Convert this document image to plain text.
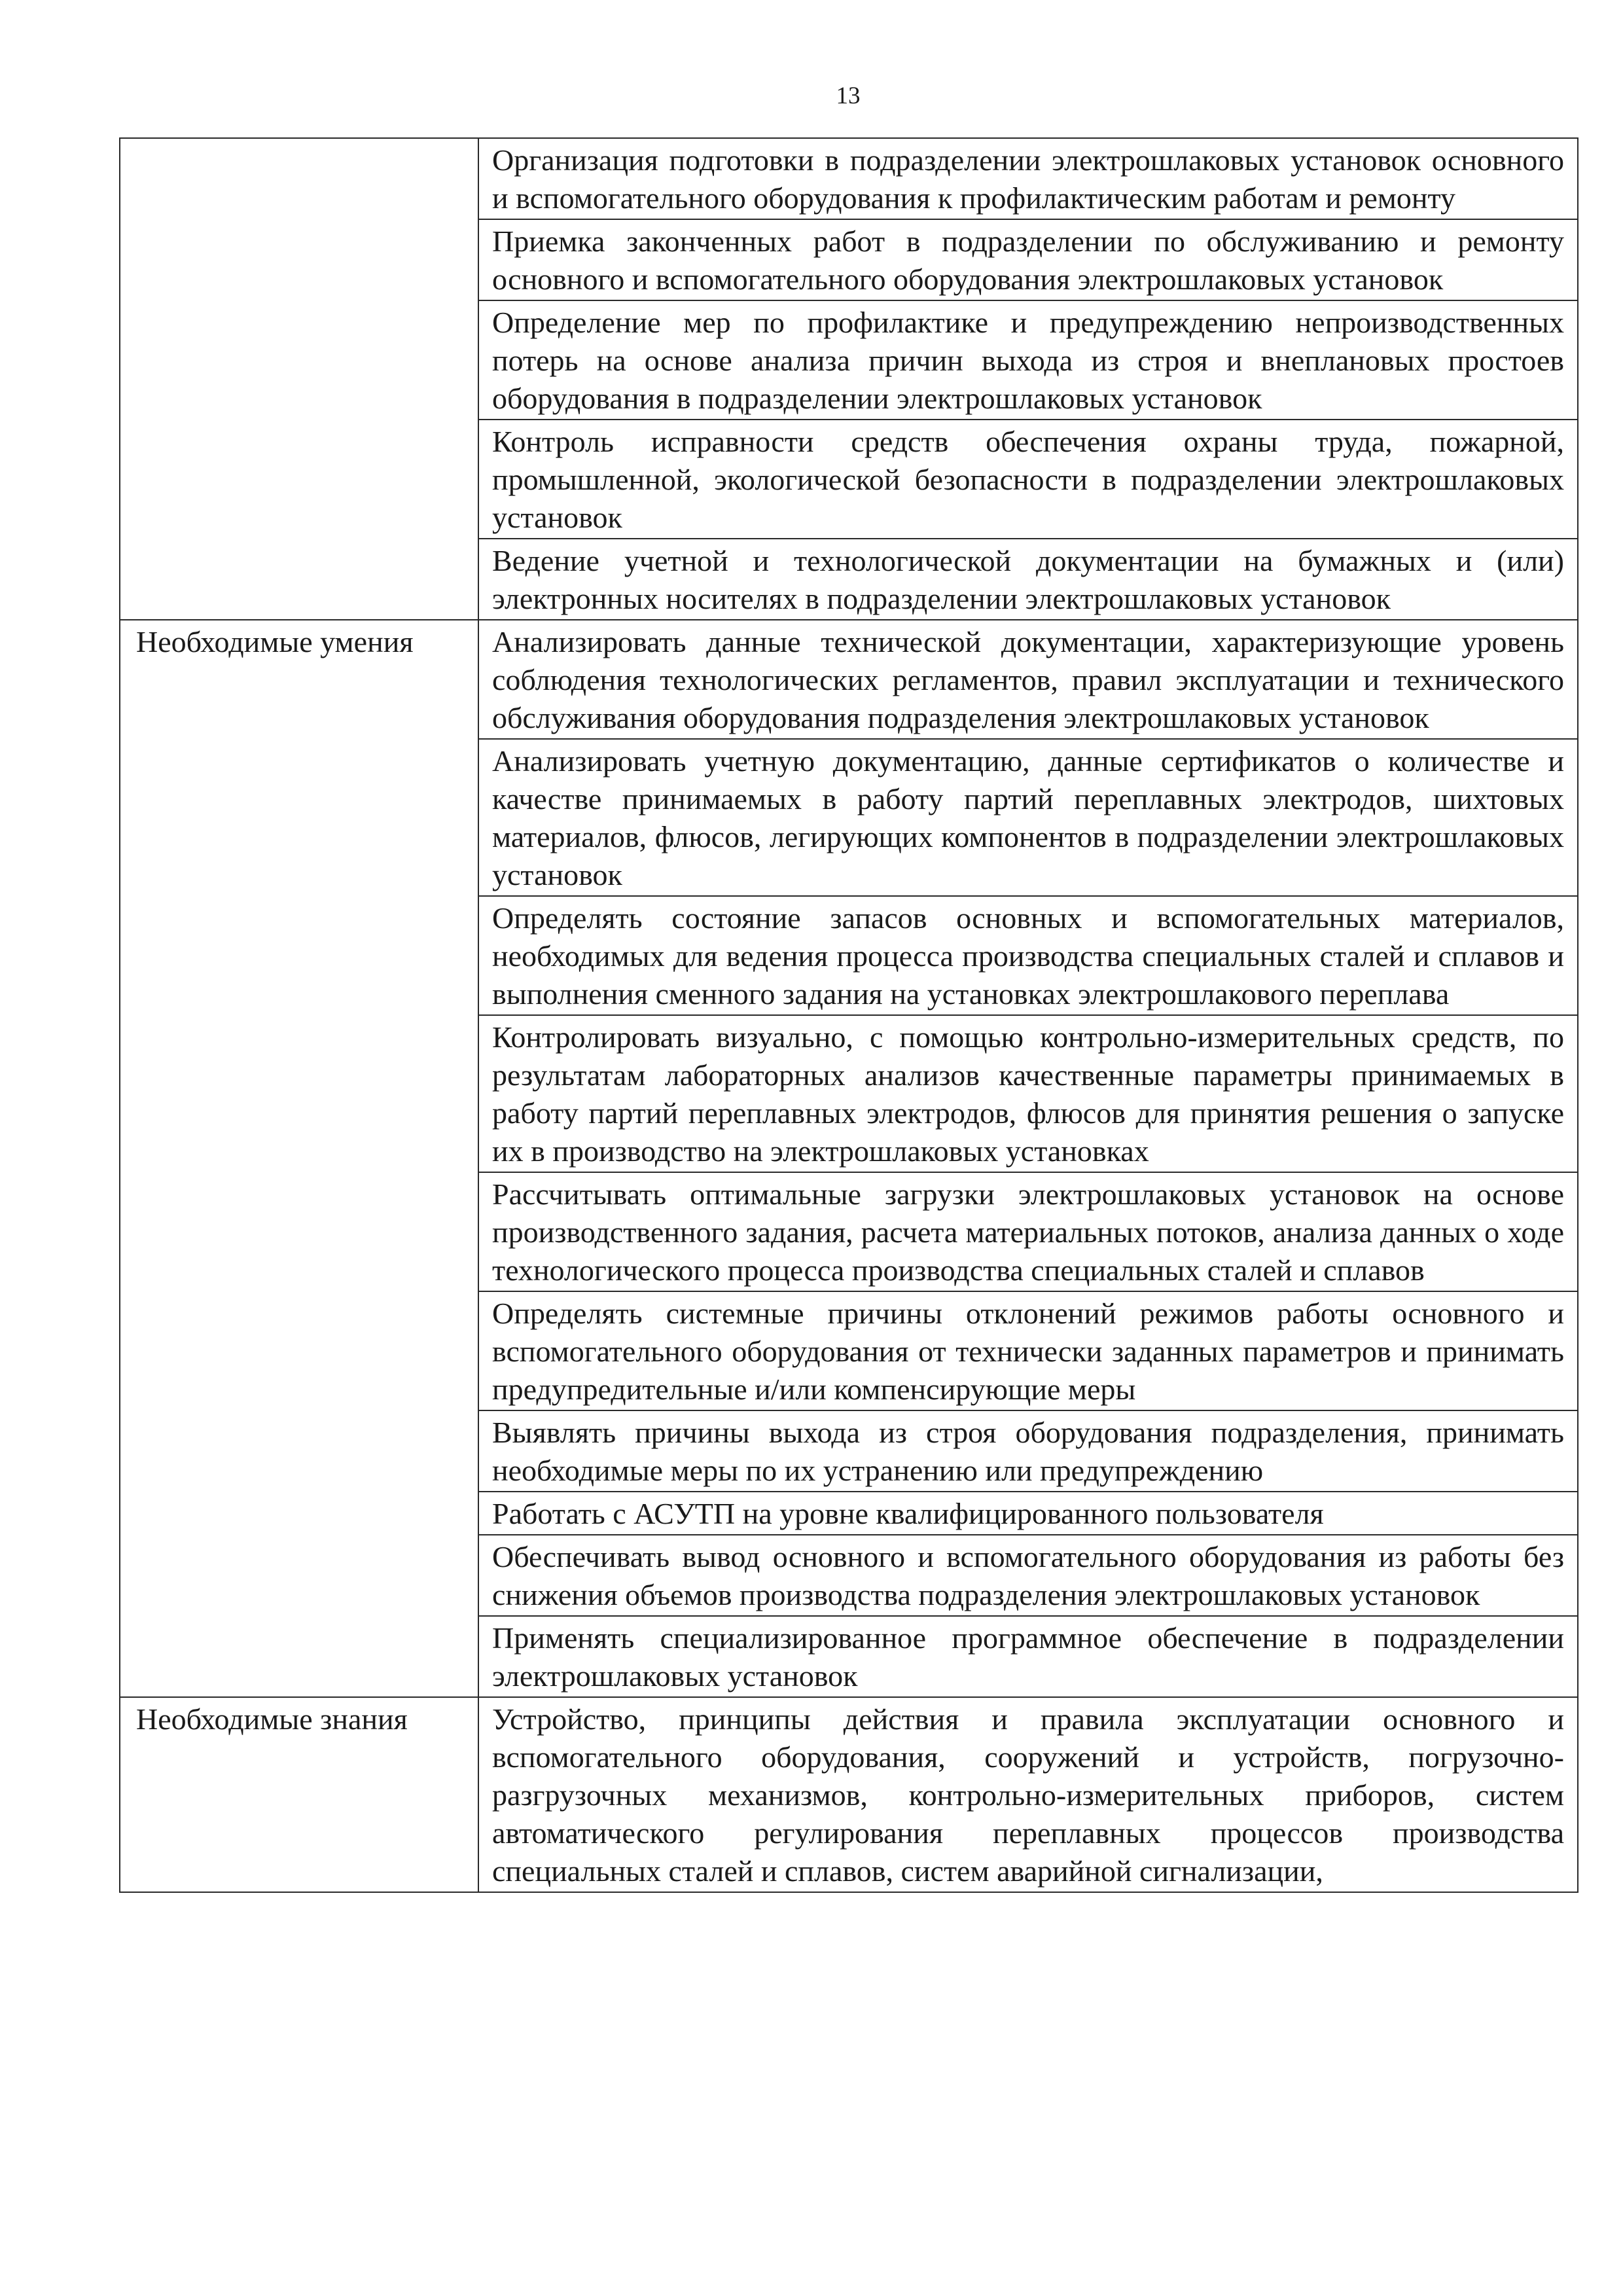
13
	Организация подготовки в подразделении электрошлаковых установок основного и вспомогательного оборудования к профилактическим работам и ремонту
	Приемка законченных работ в подразделении по обслуживанию и ремонту основного и вспомогательного оборудования электрошлаковых установок
	Определение мер по профилактике и предупреждению непроизводственных потерь на основе анализа причин выхода из строя и внеплановых простоев оборудования в подразделении электрошлаковых установок
	Контроль исправности средств обеспечения охраны труда, пожарной, промышленной, экологической безопасности в подразделении электрошлаковых установок
	Ведение учетной и технологической документации на бумажных и (или) электронных носителях в подразделении электрошлаковых установок
Необходимые умения	Анализировать данные технической документации, характеризующие уровень соблюдения технологических регламентов, правил эксплуатации и технического обслуживания оборудования подразделения электрошлаковых установок
	Анализировать учетную документацию, данные сертификатов о количестве и качестве принимаемых в работу партий переплавных электродов, шихтовых материалов, флюсов, легирующих компонентов в подразделении электрошлаковых установок
	Определять состояние запасов основных и вспомогательных материалов, необходимых для ведения процесса производства специальных сталей и сплавов и выполнения сменного задания на установках электрошлакового переплава
	Контролировать визуально, с помощью контрольно-измерительных средств, по результатам лабораторных анализов качественные параметры принимаемых в работу партий переплавных электродов, флюсов для принятия решения о запуске их в производство на электрошлаковых установках
	Рассчитывать оптимальные загрузки электрошлаковых установок на основе производственного задания, расчета материальных потоков, анализа данных о ходе технологического процесса производства специальных сталей и сплавов
	Определять системные причины отклонений режимов работы основного и вспомогательного оборудования от технически заданных параметров и принимать предупредительные и/или компенсирующие меры
	Выявлять причины выхода из строя оборудования подразделения, принимать необходимые меры по их устранению или предупреждению
	Работать с АСУТП на уровне квалифицированного пользователя
	Обеспечивать вывод основного и вспомогательного оборудования из работы без снижения объемов производства подразделения электрошлаковых установок
	Применять специализированное программное обеспечение в подразделении электрошлаковых установок
Необходимые знания	Устройство, принципы действия и правила эксплуатации основного и вспомогательного оборудования, сооружений и устройств, погрузочно-разгрузочных механизмов, контрольно-измерительных приборов, систем автоматического регулирования переплавных процессов производства специальных сталей и сплавов, систем аварийной сигнализации,
